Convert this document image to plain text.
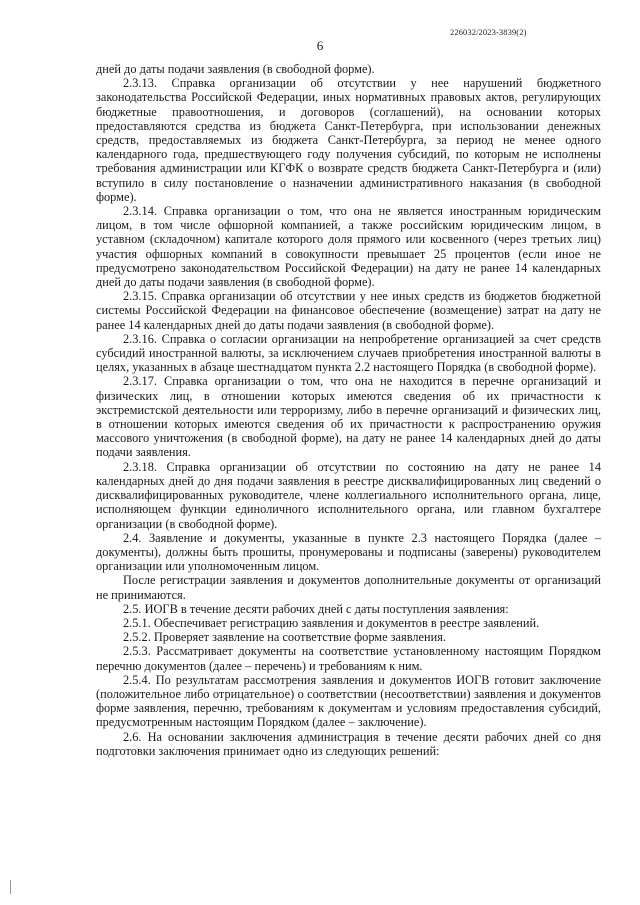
226032/2023-3839(2)
6

дней до даты подачи заявления (в свободной форме).

2.3.13. Справка организации об отсутствии у нее нарушений бюджетного законодательства Российской Федерации, иных нормативных правовых актов, регулирующих бюджетные правоотношения, и договоров (соглашений), на основании которых предоставляются средства из бюджета Санкт-Петербурга, при использовании денежных средств, предоставляемых из бюджета Санкт-Петербурга, за период не менее одного календарного года, предшествующего году получения субсидий, по которым не исполнены требования администрации или КГФК о возврате средств бюджета Санкт-Петербурга и (или) вступило в силу постановление о назначении административного наказания (в свободной форме).

2.3.14. Справка организации о том, что она не является иностранным юридическим лицом, в том числе офшорной компанией, а также российским юридическим лицом, в уставном (складочном) капитале которого доля прямого или косвенного (через третьих лиц) участия офшорных компаний в совокупности превышает 25 процентов (если иное не предусмотрено законодательством Российской Федерации) на дату не ранее 14 календарных дней до даты подачи заявления (в свободной форме).

2.3.15. Справка организации об отсутствии у нее иных средств из бюджетов бюджетной системы Российской Федерации на финансовое обеспечение (возмещение) затрат на дату не ранее 14 календарных дней до даты подачи заявления (в свободной форме).

2.3.16. Справка о согласии организации на непробретение организацией за счет средств субсидий иностранной валюты, за исключением случаев приобретения иностранной валюты в целях, указанных в абзаце шестнадцатом пункта 2.2 настоящего Порядка (в свободной форме).

2.3.17. Справка организации о том, что она не находится в перечне организаций и физических лиц, в отношении которых имеются сведения об их причастности к экстремистской деятельности или терроризму, либо в перечне организаций и физических лиц, в отношении которых имеются сведения об их причастности к распространению оружия массового уничтожения (в свободной форме), на дату не ранее 14 календарных дней до даты подачи заявления.

2.3.18. Справка организации об отсутствии по состоянию на дату не ранее 14 календарных дней до дня подачи заявления в реестре дисквалифицированных лиц сведений о дисквалифицированных руководителе, члене коллегиального исполнительного органа, лице, исполняющем функции единоличного исполнительного органа, или главном бухгалтере организации (в свободной форме).

2.4. Заявление и документы, указанные в пункте 2.3 настоящего Порядка (далее – документы), должны быть прошиты, пронумерованы и подписаны (заверены) руководителем организации или уполномоченным лицом.

После регистрации заявления и документов дополнительные документы от организаций не принимаются.

2.5. ИОГВ в течение десяти рабочих дней с даты поступления заявления:

2.5.1. Обеспечивает регистрацию заявления и документов в реестре заявлений.

2.5.2. Проверяет заявление на соответствие форме заявления.

2.5.3. Рассматривает документы на соответствие установленному настоящим Порядком перечню документов (далее – перечень) и требованиям к ним.

2.5.4. По результатам рассмотрения заявления и документов ИОГВ готовит заключение (положительное либо отрицательное) о соответствии (несоответствии) заявления и документов форме заявления, перечню, требованиям к документам и условиям предоставления субсидий, предусмотренным настоящим Порядком (далее – заключение).

2.6. На основании заключения администрация в течение десяти рабочих дней со дня подготовки заключения принимает одно из следующих решений:
